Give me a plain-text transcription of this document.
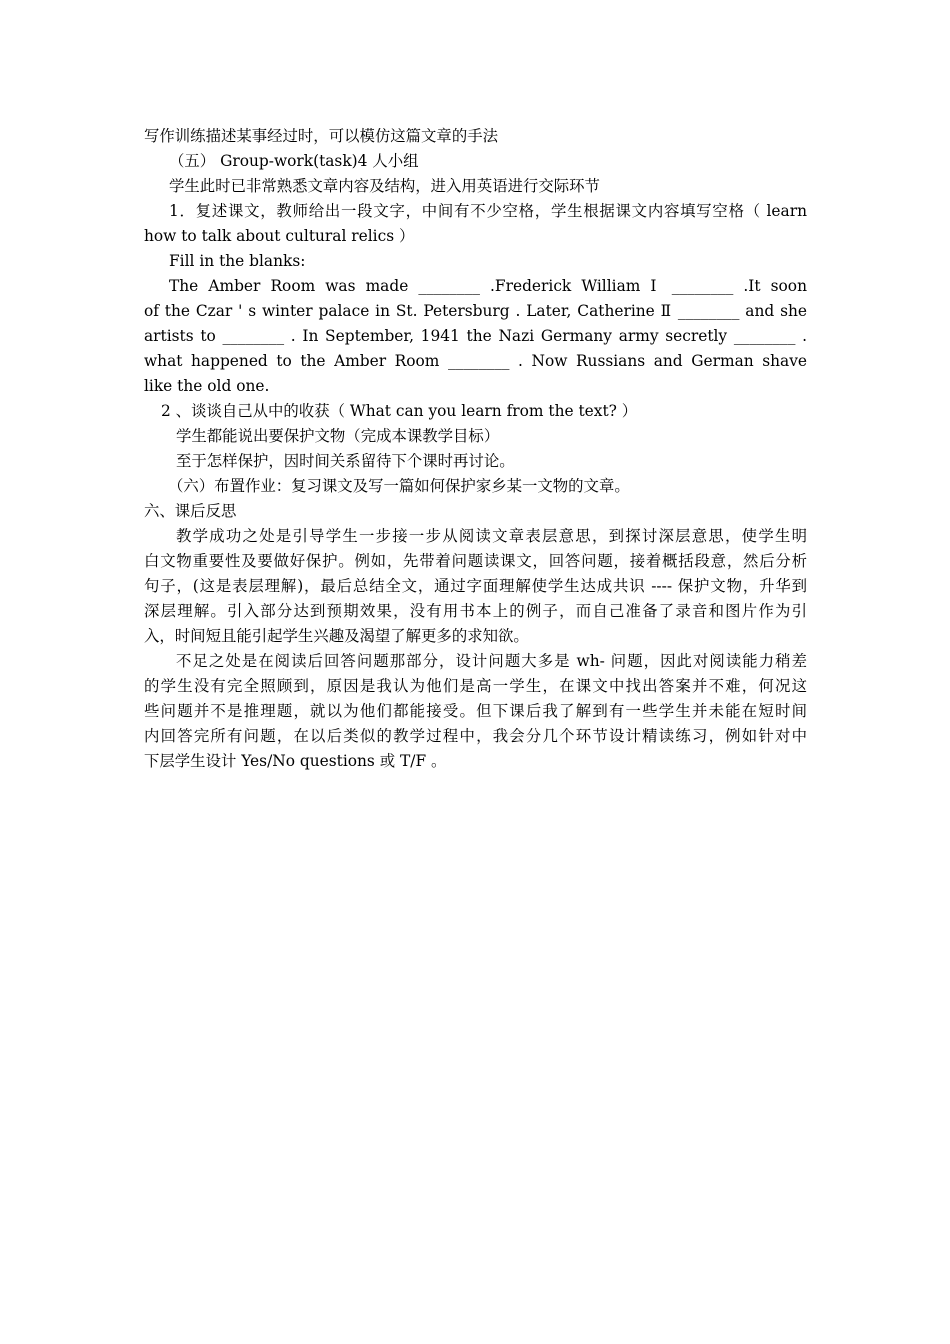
写作训练描述某事经过时，可以模仿这篇文章的手法
（五） Group-work(task)4 人小组
学生此时已非常熟悉文章内容及结构，进入用英语进行交际环节
1．复述课文，教师给出一段文字，中间有不少空格，学生根据课文内容填写空格（ learn
how to talk about cultural relics ）
Fill in the blanks:
The Amber Room was made ________ .Frederick William Ⅰ ________ .It soon
of the Czar ' s winter palace in St. Petersburg . Later, Catherine Ⅱ ________ and she
artists to ________ . In September, 1941 the Nazi Germany army secretly ________ .
what happened to the Amber Room ________ . Now Russians and German shave
like the old one.
2 、谈谈自己从中的收获（ What can you learn from the text? ）
学生都能说出要保护文物（完成本课教学目标）
至于怎样保护，因时间关系留待下个课时再讨论。
（六）布置作业：复习课文及写一篇如何保护家乡某一文物的文章。
六、课后反思
教学成功之处是引导学生一步接一步从阅读文章表层意思，到探讨深层意思，使学生明
白文物重要性及要做好保护。例如，先带着问题读课文，回答问题，接着概括段意，然后分析
句子，(这是表层理解)，最后总结全文，通过字面理解使学生达成共识 ---- 保护文物，升华到
深层理解。引入部分达到预期效果，没有用书本上的例子，而自己准备了录音和图片作为引
入，时间短且能引起学生兴趣及渴望了解更多的求知欲。
不足之处是在阅读后回答问题那部分，设计问题大多是 wh- 问题，因此对阅读能力稍差
的学生没有完全照顾到，原因是我认为他们是高一学生，在课文中找出答案并不难，何况这
些问题并不是推理题，就以为他们都能接受。但下课后我了解到有一些学生并未能在短时间
内回答完所有问题，在以后类似的教学过程中，我会分几个环节设计精读练习，例如针对中
下层学生设计 Yes/No questions 或 T/F 。
